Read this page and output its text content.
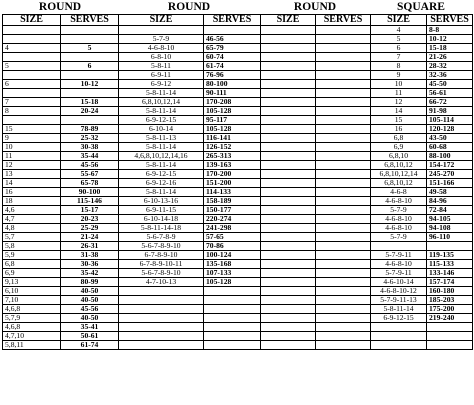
ROUND	ROUND	ROUND	SQUARE
SIZE	SERVES	SIZE	SERVES	SIZE	SERVES	SIZE	SERVES
						4	8-8
		5-7-9	46-56			5	10-12
4	5	4-6-8-10	65-79			6	15-18
		6-8-10	60-74			7	21-26
5	6	5-8-11	61-74			8	28-32
		6-9-11	76-96			9	32-36
6	10-12	6-9-12	80-100			10	45-50
		5-8-11-14	90-111			11	56-61
7	15-18	6,8,10,12,14	170-208			12	66-72
8	20-24	5-8-11-14	105-128			14	91-98
		6-9-12-15	95-117			15	105-114
15	78-89	6-10-14	105-128			16	120-128
9	25-32	5-8-11-13	116-141			6,8	43-50
10	30-38	5-8-11-14	126-152			6,9	60-68
11	35-44	4,6,8,10,12,14,16	265-313			6,8,10	88-100
12	45-56	5-8-11-14	139-163			6,8,10,12	154-172
13	55-67	6-9-12-15	170-200			6,8,10,12,14	245-270
14	65-78	6-9-12-16	151-200			6,8,10,12	151-166
16	90-100	5-8-11-14	114-133			4-6-8	49-58
18	115-146	6-10-13-16	158-189			4-6-8-10	84-96
4,6	15-17	6-9-11-15	150-177			5-7-9	72-84
4,7	20-23	6-10-14-18	220-274			4-6-8-10	94-105
4,8	25-29	5-8-11-14-18	241-298			4-6-8-10	94-108
5,7	21-24	5-6-7-8-9	57-65			5-7-9	96-110
5,8	26-31	5-6-7-8-9-10	70-86				
5,9	31-38	6-7-8-9-10	100-124			5-7-9-11	119-135
6,8	30-36	6-7-8-9-10-11	135-168			4-6-8-10	115-133
6,9	35-42	5-6-7-8-9-10	107-133			5-7-9-11	133-146
9,13	80-99	4-7-10-13	105-128			4-6-10-14	157-174
6,10	40-50					4-6-8-10-12	160-180
7,10	40-50					5-7-9-11-13	185-203
4,6,8	45-56					5-8-11-14	175-200
5,7,9	40-50					6-9-12-15	219-240
4,6,8	35-41						
4,7,10	50-61						
5,8,11	61-74						
